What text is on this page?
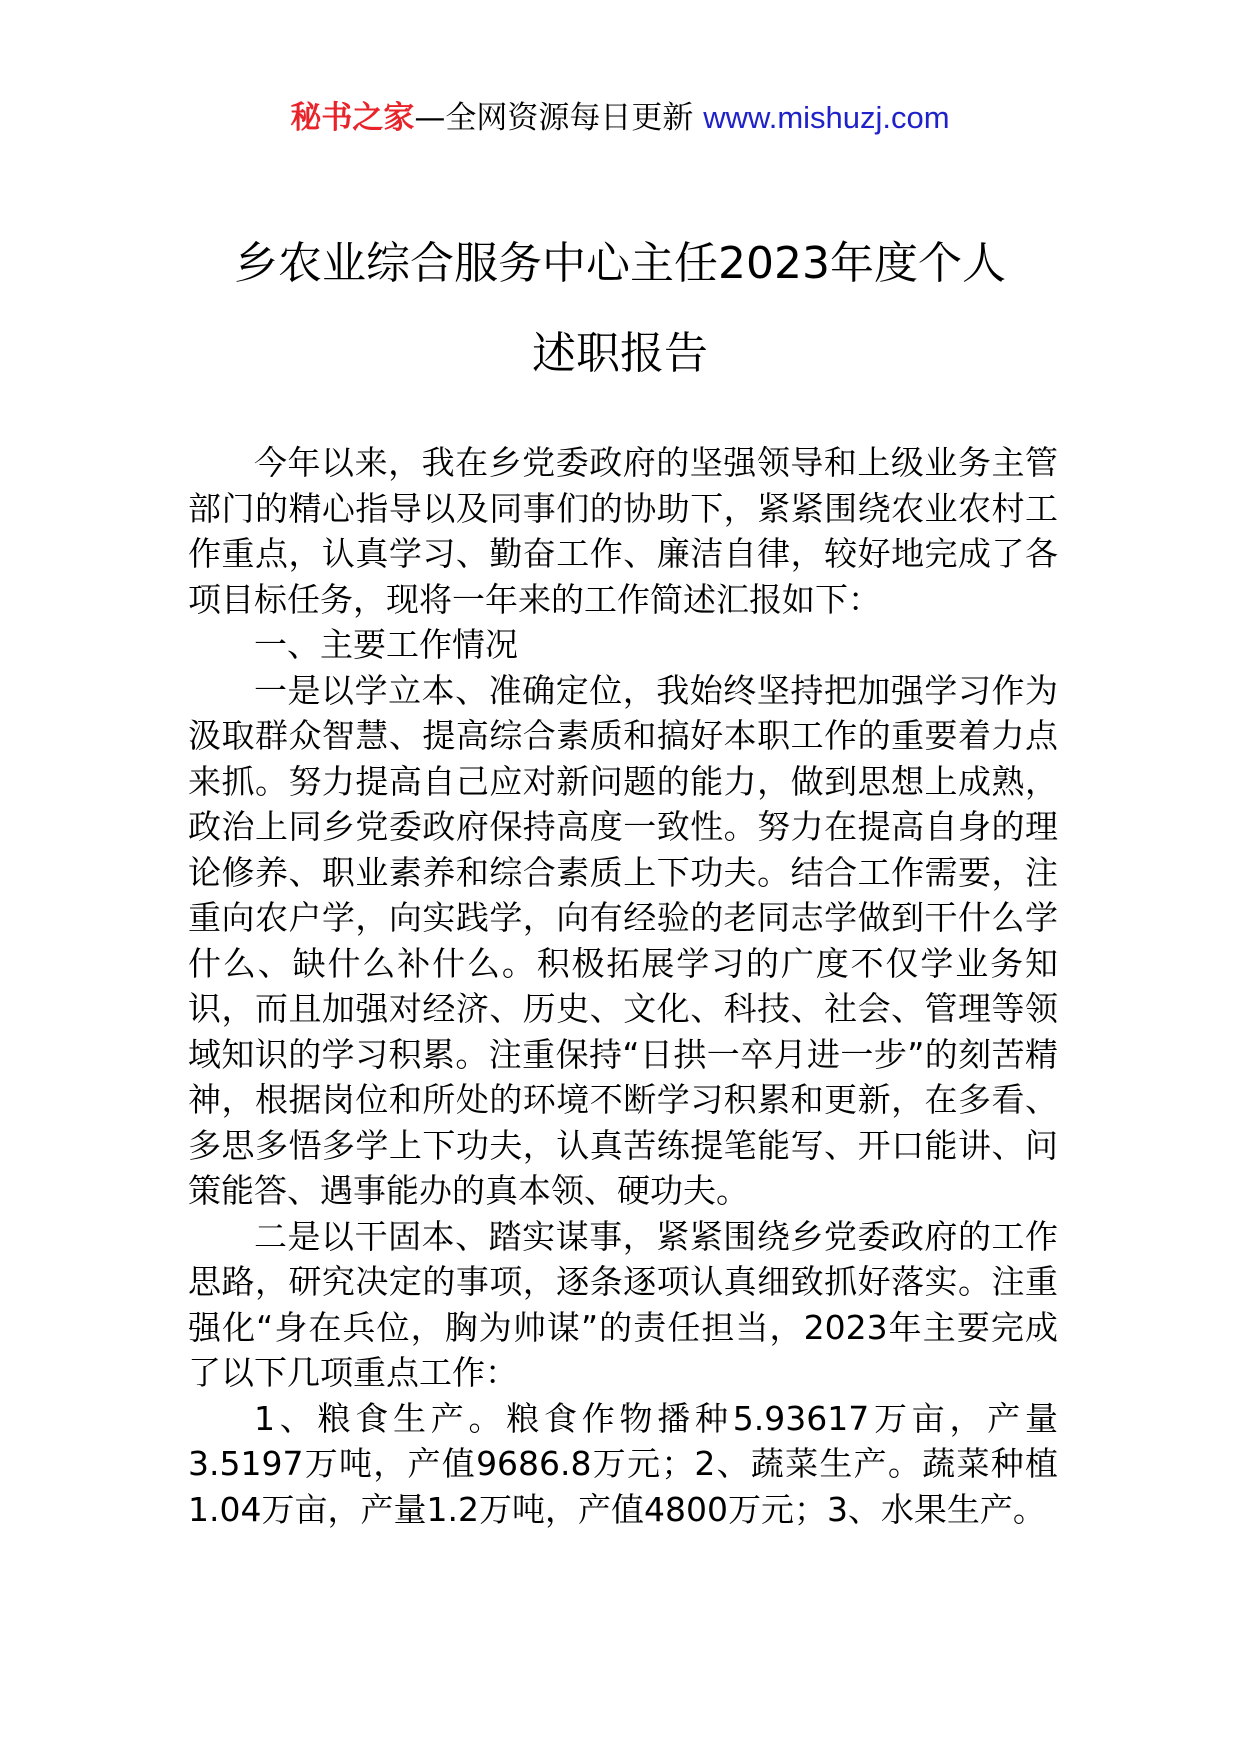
秘书之家—全网资源每日更新 www.mishuzj.com
乡农业综合服务中心主任2023年度个人
述职报告

今年以来，我在乡党委政府的坚强领导和上级业务主管部门的精心指导以及同事们的协助下，紧紧围绕农业农村工作重点，认真学习、勤奋工作、廉洁自律，较好地完成了各项目标任务，现将一年来的工作简述汇报如下：

一、主要工作情况

一是以学立本、准确定位，我始终坚持把加强学习作为汲取群众智慧、提高综合素质和搞好本职工作的重要着力点来抓。努力提高自己应对新问题的能力，做到思想上成熟，政治上同乡党委政府保持高度一致性。努力在提高自身的理论修养、职业素养和综合素质上下功夫。结合工作需要，注重向农户学，向实践学，向有经验的老同志学做到干什么学什么、缺什么补什么。积极拓展学习的广度不仅学业务知识，而且加强对经济、历史、文化、科技、社会、管理等领域知识的学习积累。注重保持“日拱一卒月进一步”的刻苦精神，根据岗位和所处的环境不断学习积累和更新，在多看、多思多悟多学上下功夫，认真苦练提笔能写、开口能讲、问策能答、遇事能办的真本领、硬功夫。

二是以干固本、踏实谋事，紧紧围绕乡党委政府的工作思路，研究决定的事项，逐条逐项认真细致抓好落实。注重强化“身在兵位，胸为帅谋”的责任担当，2023年主要完成了以下几项重点工作：

1、粮食生产。粮食作物播种5.93617万亩，产量3.5197万吨，产值9686.8万元；2、蔬菜生产。蔬菜种植1.04万亩，产量1.2万吨，产值4800万元；3、水果生产。
